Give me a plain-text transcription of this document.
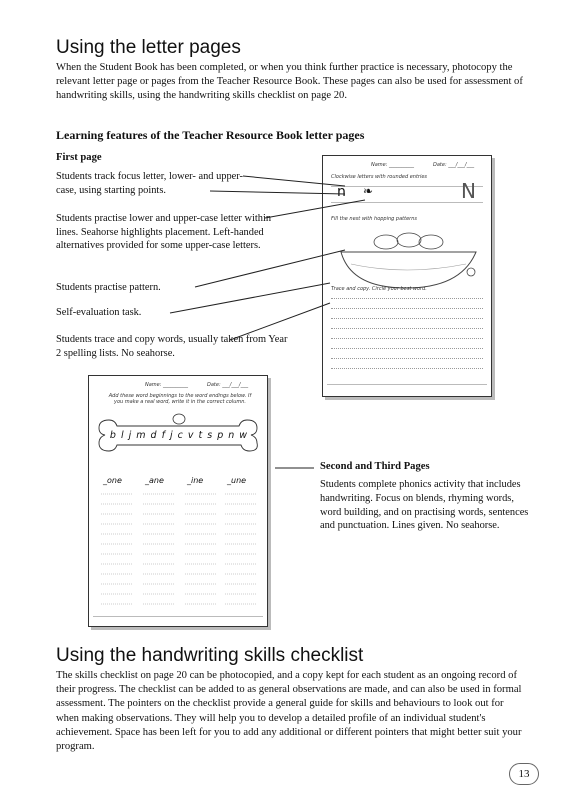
Using the letter pages
When the Student Book has been completed, or when you think further practice is necessary, photocopy the relevant letter page or pages from the Teacher Resource Book. These pages can also be used for assessment of handwriting skills, using the handwriting skills checklist on page 20.
Learning features of the Teacher Resource Book letter pages
First page
Students track focus letter, lower- and upper-case, using starting points.
Students practise lower and upper-case letter within lines. Seahorse highlights placement. Left-handed alternatives provided for some upper-case letters.
Students practise pattern.
Self-evaluation task.
Students trace and copy words, usually taken from Year 2 spelling lists. No seahorse.
Name: __________	Date: ___/___/___
Clockwise letters with rounded entries
n ❧	N
Fill the nest with hopping patterns
Trace and copy. Circle your best word.
Name: __________	Date: ___/___/___
Add these word beginnings to the word endings below. If you make a real word, write it in the correct column.
b l j m d f j c v t s p n w
_one	_ane	_ine	_une
Second and Third Pages
Students complete phonics activity that includes handwriting. Focus on blends, rhyming words, word building, and on practising words, sentences and punctuation. Lines given. No seahorse.
Using the handwriting skills checklist
The skills checklist on page 20 can be photocopied, and a copy kept for each student as an ongoing record of their progress. The checklist can be added to as general observations are made, and can also be used in formal assessment. The pointers on the checklist provide a general guide for skills and behaviours to look out for when making observations. They will help you to develop a detailed profile of an individual student's achievement. Space has been left for you to add any additional or different pointers that might better suit your program.
13
